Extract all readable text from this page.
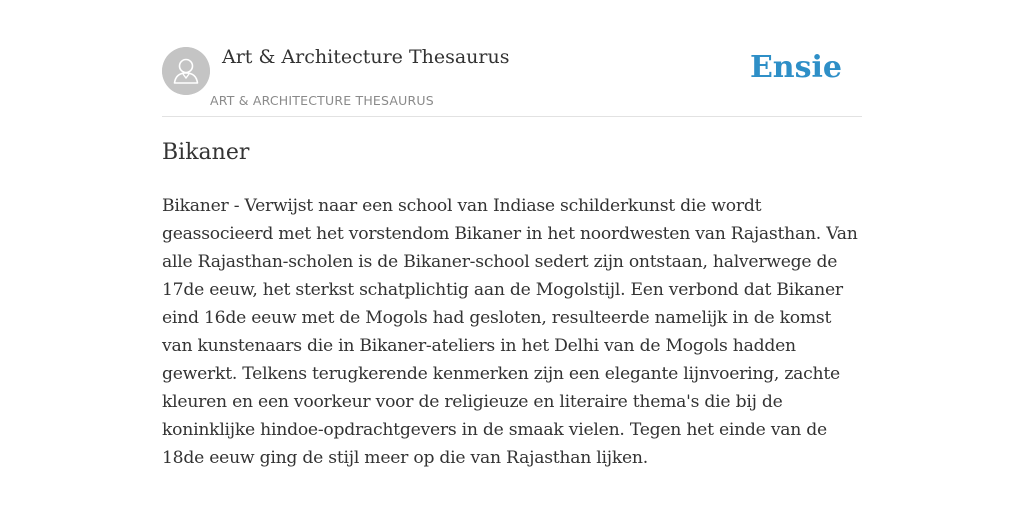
Art & Architecture Thesaurus
ART & ARCHITECTURE THESAURUS
Ensie
Bikaner

Bikaner - Verwijst naar een school van Indiase schilderkunst die wordt geassocieerd met het vorstendom Bikaner in het noordwesten van Rajasthan. Van alle Rajasthan-scholen is de Bikaner-school sedert zijn ontstaan, halverwege de 17de eeuw, het sterkst schatplichtig aan de Mogolstijl. Een verbond dat Bikaner eind 16de eeuw met de Mogols had gesloten, resulteerde namelijk in de komst van kunstenaars die in Bikaner-ateliers in het Delhi van de Mogols hadden gewerkt. Telkens terugkerende kenmerken zijn een elegante lijnvoering, zachte kleuren en een voorkeur voor de religieuze en literaire thema's die bij de koninklijke hindoe-opdrachtgevers in de smaak vielen. Tegen het einde van de 18de eeuw ging de stijl meer op die van Rajasthan lijken.
